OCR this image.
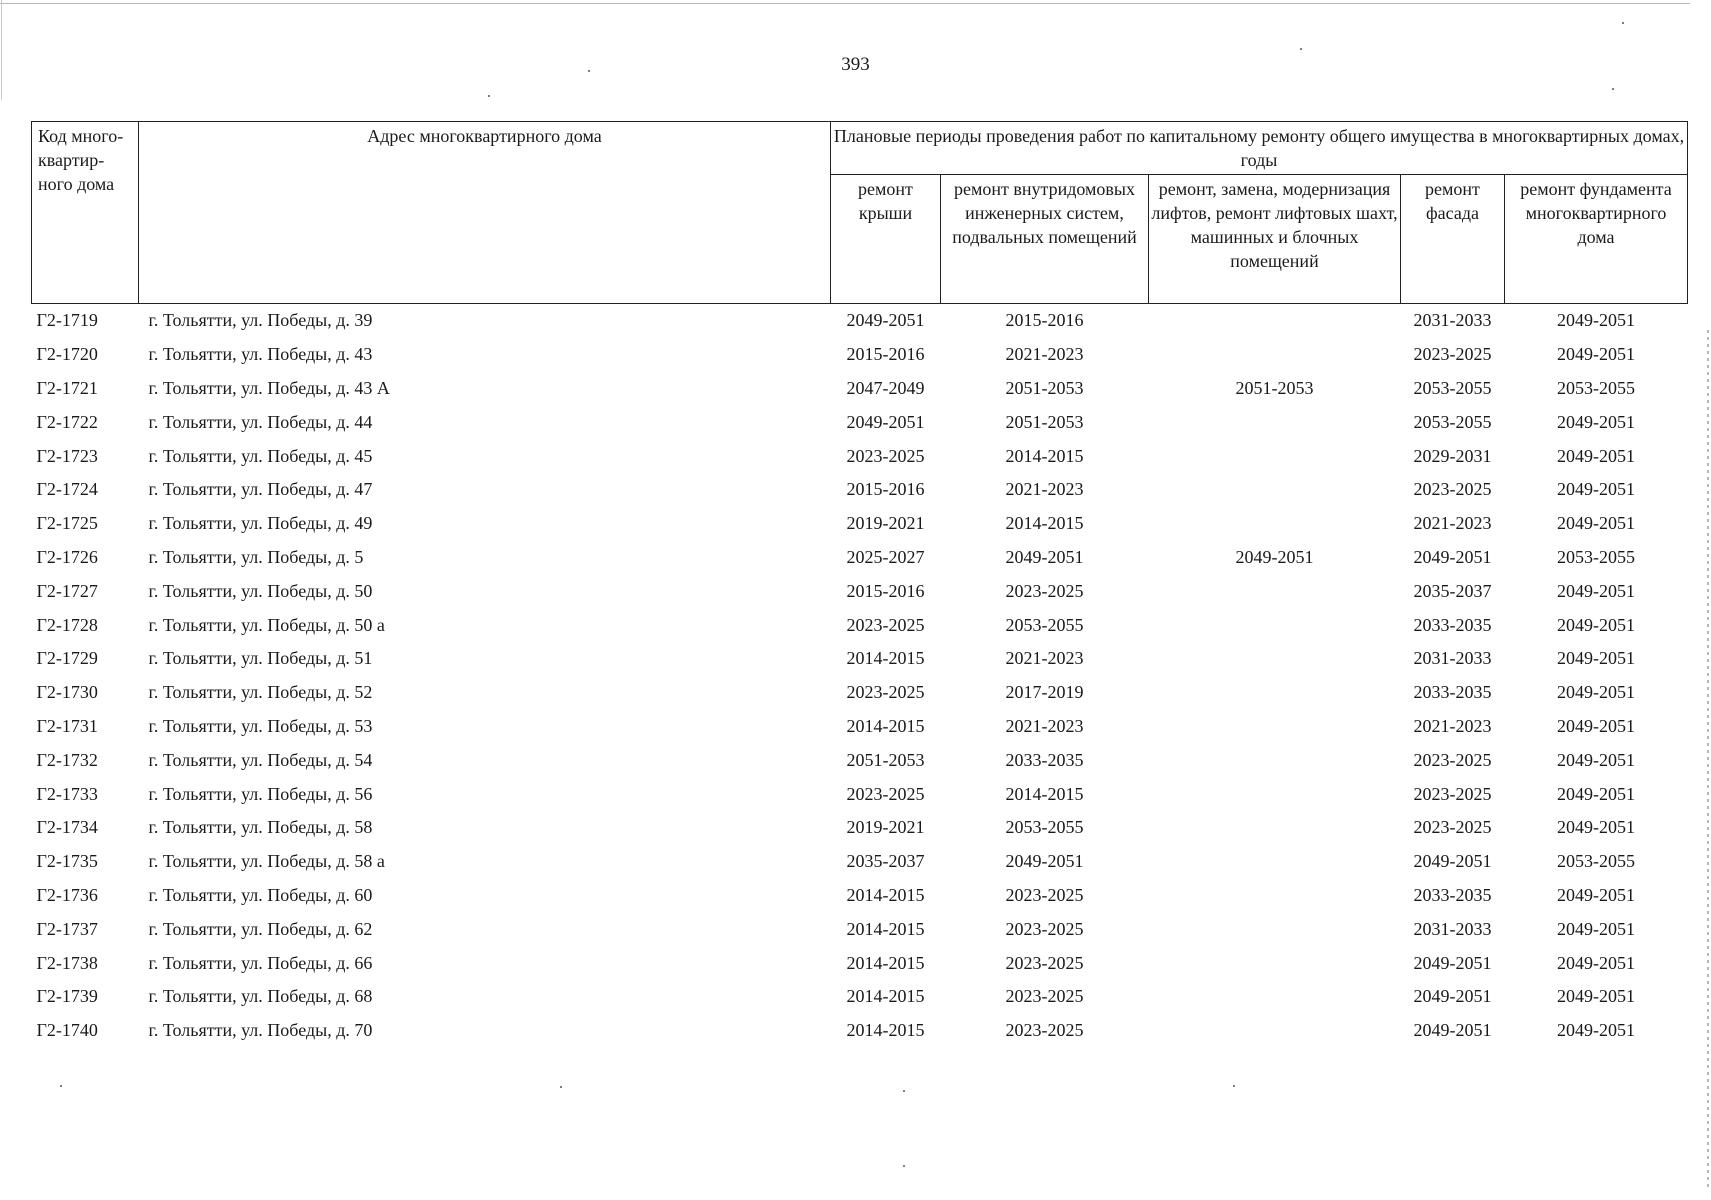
393
Код много-квартир-ного дома	Адрес многоквартирного дома	Плановые периоды проведения работ по капитальному ремонту общего имущества в многоквартирных домах, годы				
		ремонт крыши	ремонт внутридомовых инженерных систем, подвальных помещений	ремонт, замена, модернизация лифтов, ремонт лифтовых шахт, машинных и блочных помещений	ремонт фасада	ремонт фундамента многоквартирного дома
Г2-1719	г. Тольятти, ул. Победы, д. 39	2049-2051	2015-2016		2031-2033	2049-2051
Г2-1720	г. Тольятти, ул. Победы, д. 43	2015-2016	2021-2023		2023-2025	2049-2051
Г2-1721	г. Тольятти, ул. Победы, д. 43 А	2047-2049	2051-2053	2051-2053	2053-2055	2053-2055
Г2-1722	г. Тольятти, ул. Победы, д. 44	2049-2051	2051-2053		2053-2055	2049-2051
Г2-1723	г. Тольятти, ул. Победы, д. 45	2023-2025	2014-2015		2029-2031	2049-2051
Г2-1724	г. Тольятти, ул. Победы, д. 47	2015-2016	2021-2023		2023-2025	2049-2051
Г2-1725	г. Тольятти, ул. Победы, д. 49	2019-2021	2014-2015		2021-2023	2049-2051
Г2-1726	г. Тольятти, ул. Победы, д. 5	2025-2027	2049-2051	2049-2051	2049-2051	2053-2055
Г2-1727	г. Тольятти, ул. Победы, д. 50	2015-2016	2023-2025		2035-2037	2049-2051
Г2-1728	г. Тольятти, ул. Победы, д. 50 а	2023-2025	2053-2055		2033-2035	2049-2051
Г2-1729	г. Тольятти, ул. Победы, д. 51	2014-2015	2021-2023		2031-2033	2049-2051
Г2-1730	г. Тольятти, ул. Победы, д. 52	2023-2025	2017-2019		2033-2035	2049-2051
Г2-1731	г. Тольятти, ул. Победы, д. 53	2014-2015	2021-2023		2021-2023	2049-2051
Г2-1732	г. Тольятти, ул. Победы, д. 54	2051-2053	2033-2035		2023-2025	2049-2051
Г2-1733	г. Тольятти, ул. Победы, д. 56	2023-2025	2014-2015		2023-2025	2049-2051
Г2-1734	г. Тольятти, ул. Победы, д. 58	2019-2021	2053-2055		2023-2025	2049-2051
Г2-1735	г. Тольятти, ул. Победы, д. 58 а	2035-2037	2049-2051		2049-2051	2053-2055
Г2-1736	г. Тольятти, ул. Победы, д. 60	2014-2015	2023-2025		2033-2035	2049-2051
Г2-1737	г. Тольятти, ул. Победы, д. 62	2014-2015	2023-2025		2031-2033	2049-2051
Г2-1738	г. Тольятти, ул. Победы, д. 66	2014-2015	2023-2025		2049-2051	2049-2051
Г2-1739	г. Тольятти, ул. Победы, д. 68	2014-2015	2023-2025		2049-2051	2049-2051
Г2-1740	г. Тольятти, ул. Победы, д. 70	2014-2015	2023-2025		2049-2051	2049-2051
